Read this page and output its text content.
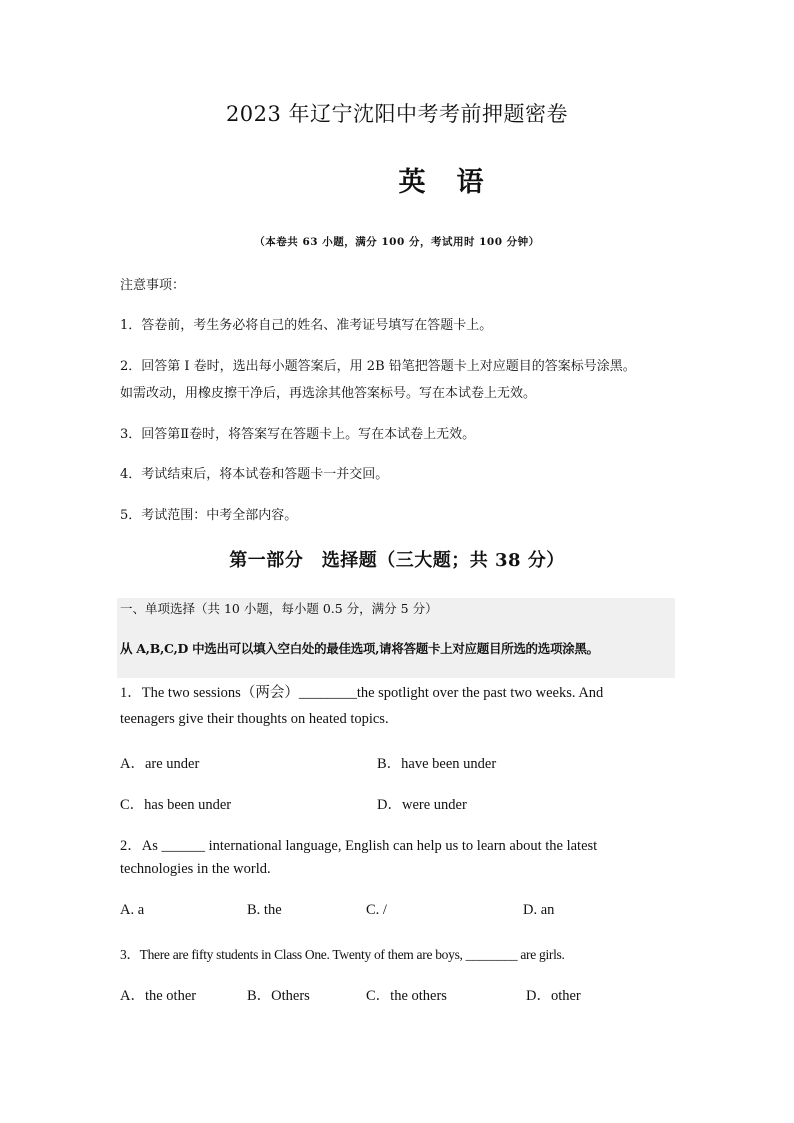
2023 年辽宁沈阳中考考前押题密卷
英　语
（本卷共 63 小题，满分 100 分，考试用时 100 分钟）
注意事项：
1．答卷前，考生务必将自己的姓名、准考证号填写在答题卡上。
2．回答第 I 卷时，选出每小题答案后，用 2B 铅笔把答题卡上对应题目的答案标号涂黑。
如需改动，用橡皮擦干净后，再选涂其他答案标号。写在本试卷上无效。
3．回答第Ⅱ卷时，将答案写在答题卡上。写在本试卷上无效。
4．考试结束后，将本试卷和答题卡一并交回。
5．考试范围：中考全部内容。
第一部分　选择题（三大题；共 38 分）
一、单项选择（共 10 小题，每小题 0.5 分，满分 5 分）
从 A,B,C,D 中选出可以填入空白处的最佳选项,请将答题卡上对应题目所选的选项涂黑。
1．The two sessions（两会）________the spotlight over the past two weeks. And
teenagers give their thoughts on heated topics.
A．are under	B．have been under
C．has been under	D．were under
2．As ______ international language, English can help us to learn about the latest
technologies in the world.
A. a	B. the	C. /	D. an
3．There are fifty students in Class One. Twenty of them are boys, ________ are girls.
A．the other	B．Others	C．the others	D．other
